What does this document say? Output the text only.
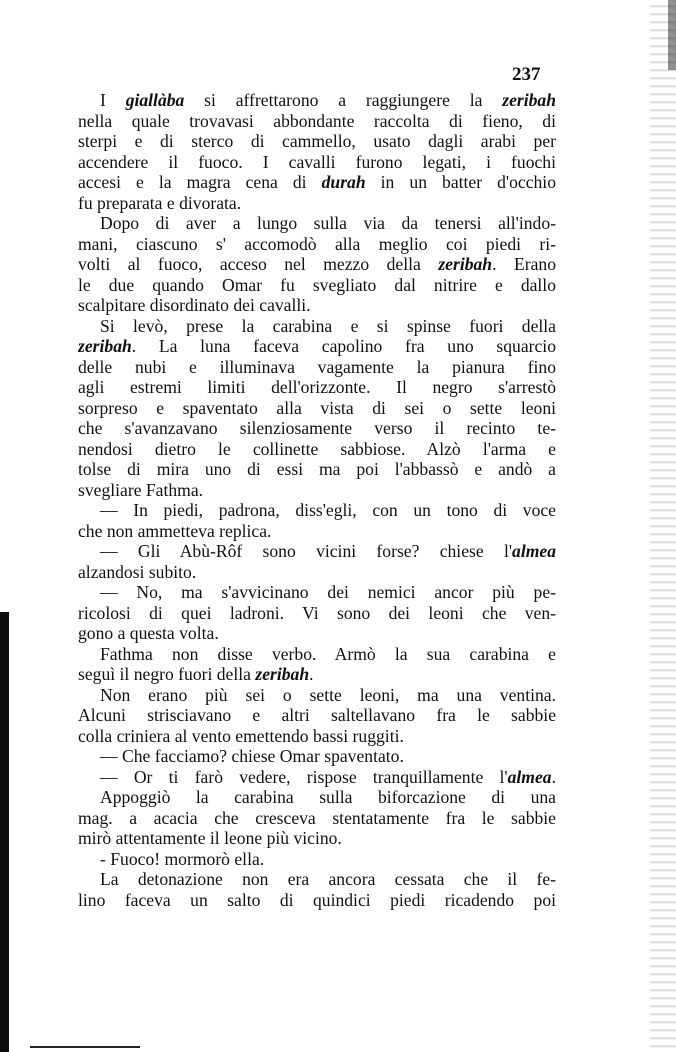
237
I giallàba si affrettarono a raggiungere la zeribah
nella quale trovavasi abbondante raccolta di fieno, di
sterpi e di sterco di cammello, usato dagli arabi per
accendere il fuoco. I cavalli furono legati, i fuochi
accesi e la magra cena di durah in un batter d'occhio
fu preparata e divorata.
Dopo di aver a lungo sulla via da tenersi all'indo-
mani, ciascuno s' accomodò alla meglio coi piedi ri-
volti al fuoco, acceso nel mezzo della zeribah. Erano
le due quando Omar fu svegliato dal nitrire e dallo
scalpitare disordinato dei cavalli.
Si levò, prese la carabina e si spinse fuori della
zeribah. La luna faceva capolino fra uno squarcio
delle nubi e illuminava vagamente la pianura fino
agli estremi limiti dell'orizzonte. Il negro s'arrestò
sorpreso e spaventato alla vista di sei o sette leoni
che s'avanzavano silenziosamente verso il recinto te-
nendosi dietro le collinette sabbiose. Alzò l'arma e
tolse di mira uno di essi ma poi l'abbassò e andò a
svegliare Fathma.
— In piedi, padrona, diss'egli, con un tono di voce
che non ammetteva replica.
— Gli Abù-Rôf sono vicini forse? chiese l'almea
alzandosi subito.
— No, ma s'avvicinano dei nemici ancor più pe-
ricolosi di quei ladroni. Vi sono dei leoni che ven-
gono a questa volta.
Fathma non disse verbo. Armò la sua carabina e
seguì il negro fuori della zeribah.
Non erano più sei o sette leoni, ma una ventina.
Alcuni strisciavano e altri saltellavano fra le sabbie
colla criniera al vento emettendo bassi ruggiti.
— Che facciamo? chiese Omar spaventato.
— Or ti farò vedere, rispose tranquillamente l'almea.
Appoggiò la carabina sulla biforcazione di una
mag. a acacia che cresceva stentatamente fra le sabbie
mirò attentamente il leone più vicino.
- Fuoco! mormorò ella.
La detonazione non era ancora cessata che il fe-
lino faceva un salto di quindici piedi ricadendo poi
